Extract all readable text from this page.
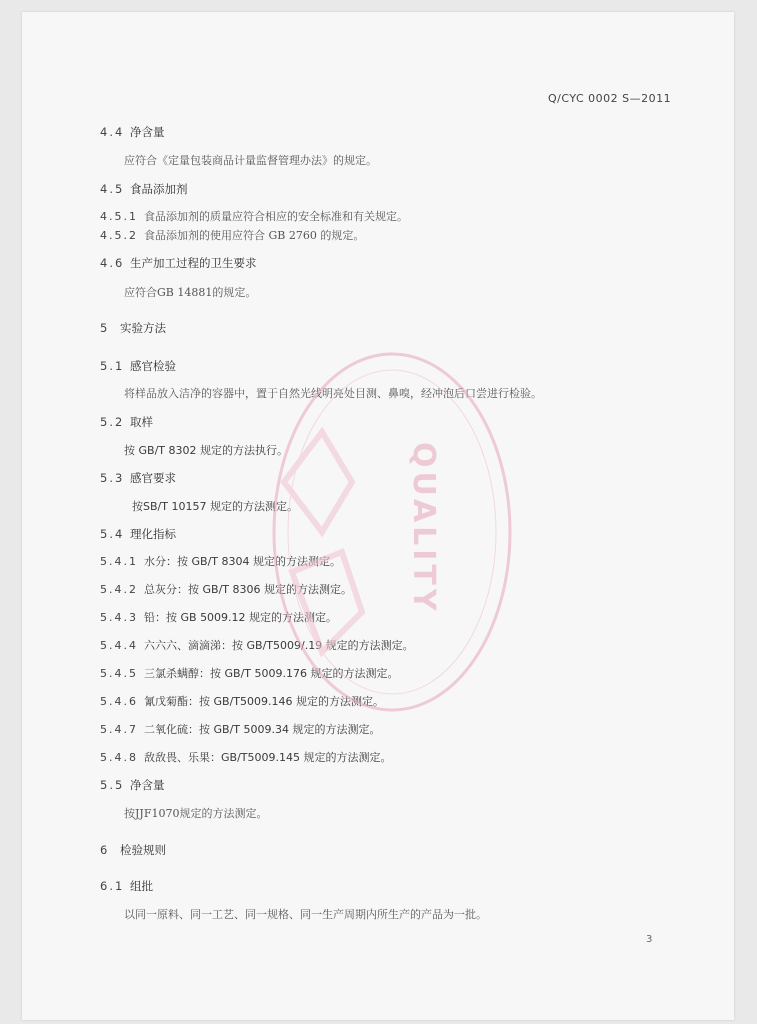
Q/CYC 0002 S—2011
4.4 净含量
应符合《定量包装商品计量监督管理办法》的规定。
4.5 食品添加剂
4.5.1 食品添加剂的质量应符合相应的安全标准和有关规定。
4.5.2 食品添加剂的使用应符合 GB 2760 的规定。
4.6 生产加工过程的卫生要求
应符合GB 14881的规定。
5 实验方法
5.1 感官检验
将样品放入洁净的容器中，置于自然光线明亮处目测、鼻嗅，经冲泡后口尝进行检验。
5.2 取样
按 GB/T 8302 规定的方法执行。
5.3 感官要求
按SB/T 10157 规定的方法测定。
5.4 理化指标
5.4.1 水分：按 GB/T 8304 规定的方法测定。
5.4.2 总灰分：按 GB/T 8306 规定的方法测定。
5.4.3 铅：按 GB 5009.12 规定的方法测定。
5.4.4 六六六、滴滴涕：按 GB/T5009/.19 规定的方法测定。
5.4.5 三氯杀螨醇：按 GB/T 5009.176 规定的方法测定。
5.4.6 氰戊菊酯：按 GB/T5009.146 规定的方法测定。
5.4.7 二氧化硫：按 GB/T 5009.34 规定的方法测定。
5.4.8 敌敌畏、乐果：GB/T5009.145 规定的方法测定。
5.5 净含量
按JJF1070规定的方法测定。
6 检验规则
6.1 组批
以同一原料、同一工艺、同一规格、同一生产周期内所生产的产品为一批。
3
QUALITY
